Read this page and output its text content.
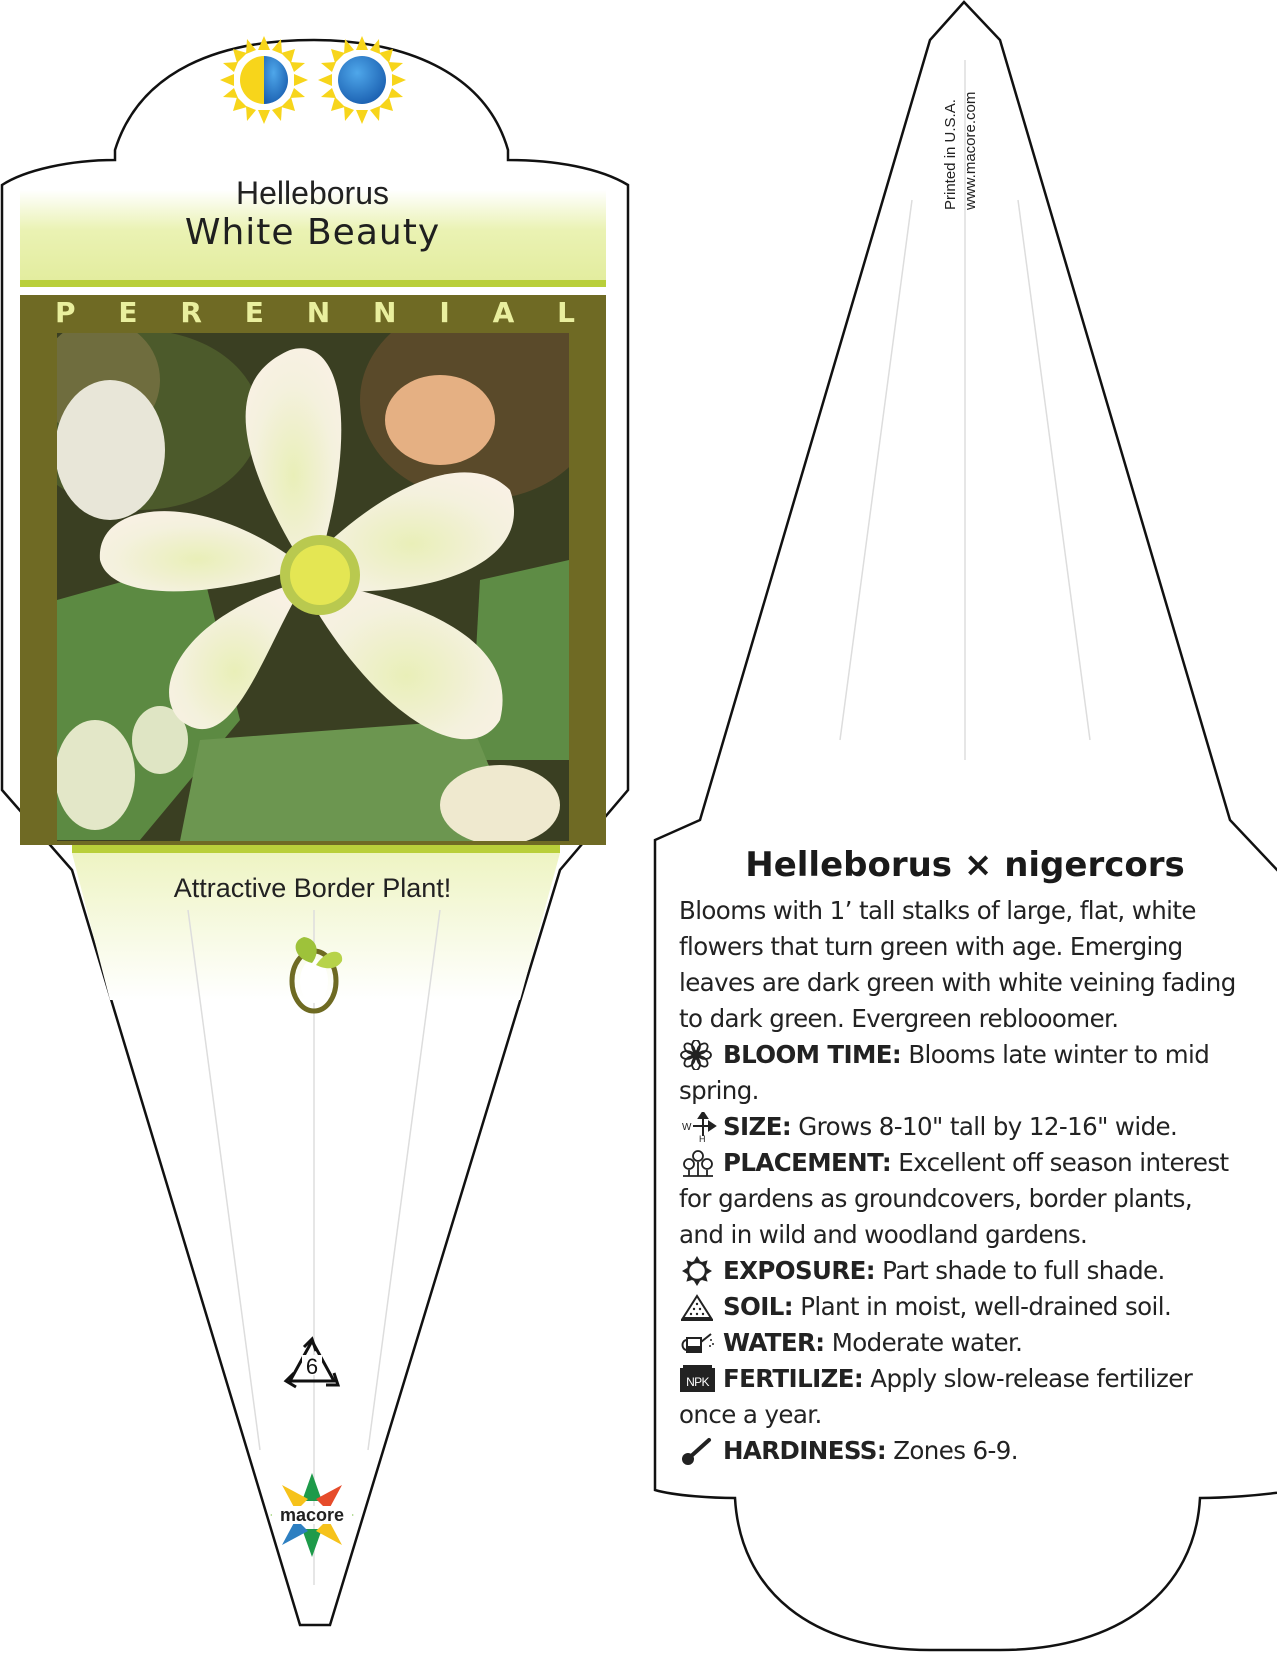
Helleborus
White Beauty
P E R E N N I A L
Attractive Border Plant!
6
macore
Printed in U.S.A. www.macore.com
Helleborus × nigercors
Blooms with 1’ tall stalks of large, flat, white flowers that turn green with age. Emerging leaves are dark green with white veining fading to dark green. Evergreen reblooomer.
BLOOM TIME: Blooms late winter to mid spring.
W
H SIZE: Grows 8-10" tall by 12-16" wide.
PLACEMENT: Excellent off season interest for gardens as groundcovers, border plants, and in wild and woodland gardens.
EXPOSURE: Part shade to full shade.
SOIL: Plant in moist, well-drained soil.
WATER: Moderate water.
NPK FERTILIZE: Apply slow-release fertilizer once a year.
HARDINESS: Zones 6-9.
